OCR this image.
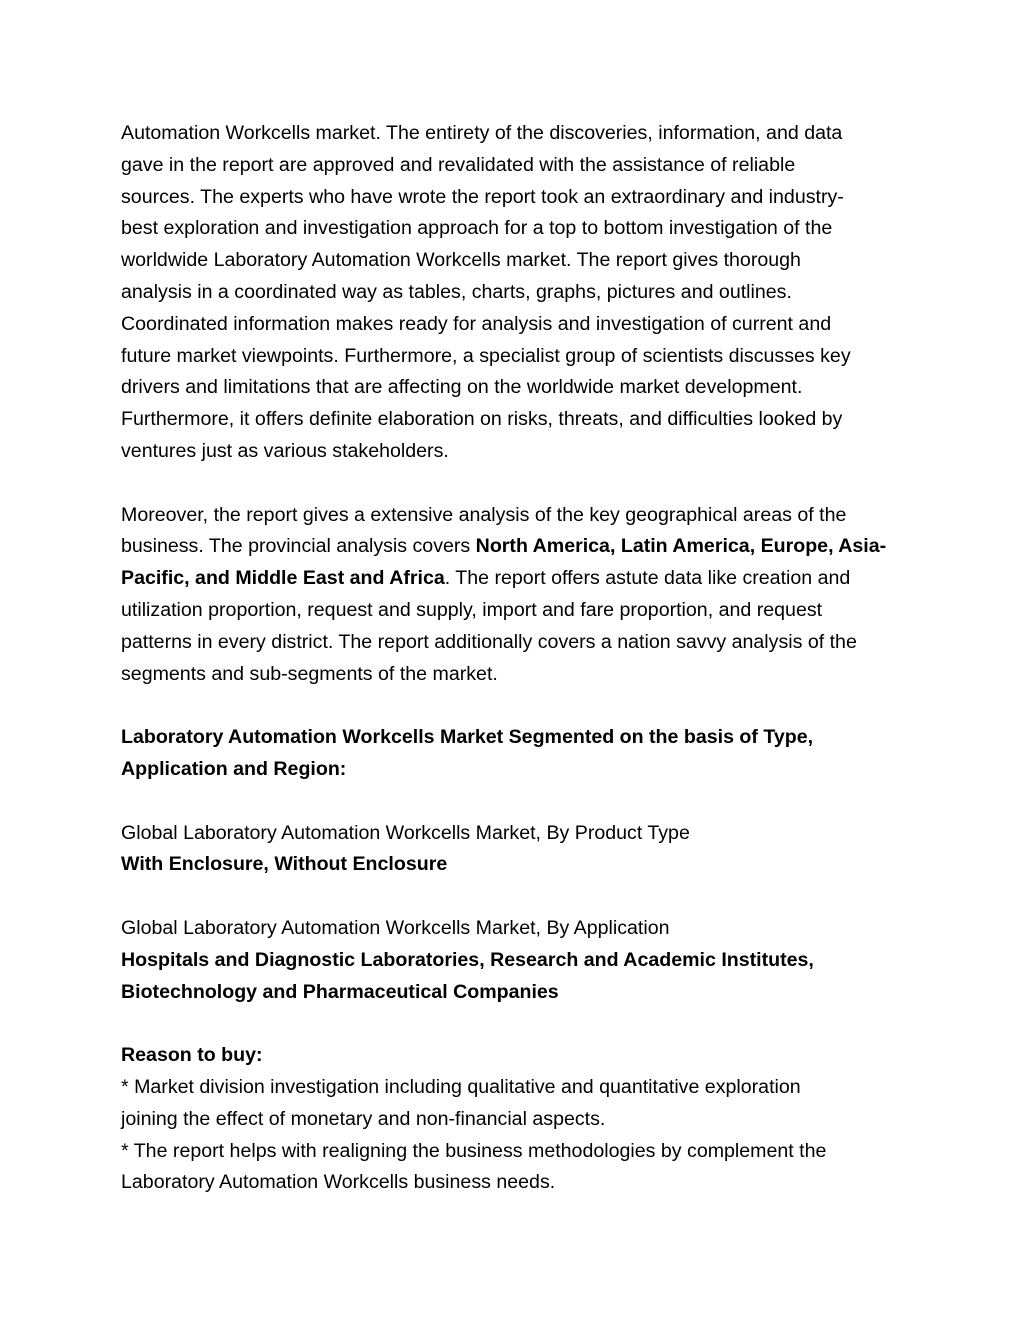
Automation Workcells market. The entirety of the discoveries, information, and data
gave in the report are approved and revalidated with the assistance of reliable
sources. The experts who have wrote the report took an extraordinary and industry-
best exploration and investigation approach for a top to bottom investigation of the
worldwide Laboratory Automation Workcells market. The report gives thorough
analysis in a coordinated way as tables, charts, graphs, pictures and outlines.
Coordinated information makes ready for analysis and investigation of current and
future market viewpoints. Furthermore, a specialist group of scientists discusses key
drivers and limitations that are affecting on the worldwide market development.
Furthermore, it offers definite elaboration on risks, threats, and difficulties looked by
ventures just as various stakeholders.

Moreover, the report gives a extensive analysis of the key geographical areas of the
business. The provincial analysis covers North America, Latin America, Europe, Asia-
Pacific, and Middle East and Africa. The report offers astute data like creation and
utilization proportion, request and supply, import and fare proportion, and request
patterns in every district. The report additionally covers a nation savvy analysis of the
segments and sub-segments of the market.

Laboratory Automation Workcells Market Segmented on the basis of Type,
Application and Region:

Global Laboratory Automation Workcells Market, By Product Type
With Enclosure, Without Enclosure

Global Laboratory Automation Workcells Market, By Application
Hospitals and Diagnostic Laboratories, Research and Academic Institutes,
Biotechnology and Pharmaceutical Companies

Reason to buy:
* Market division investigation including qualitative and quantitative exploration
joining the effect of monetary and non-financial aspects.
* The report helps with realigning the business methodologies by complement the
Laboratory Automation Workcells business needs.
